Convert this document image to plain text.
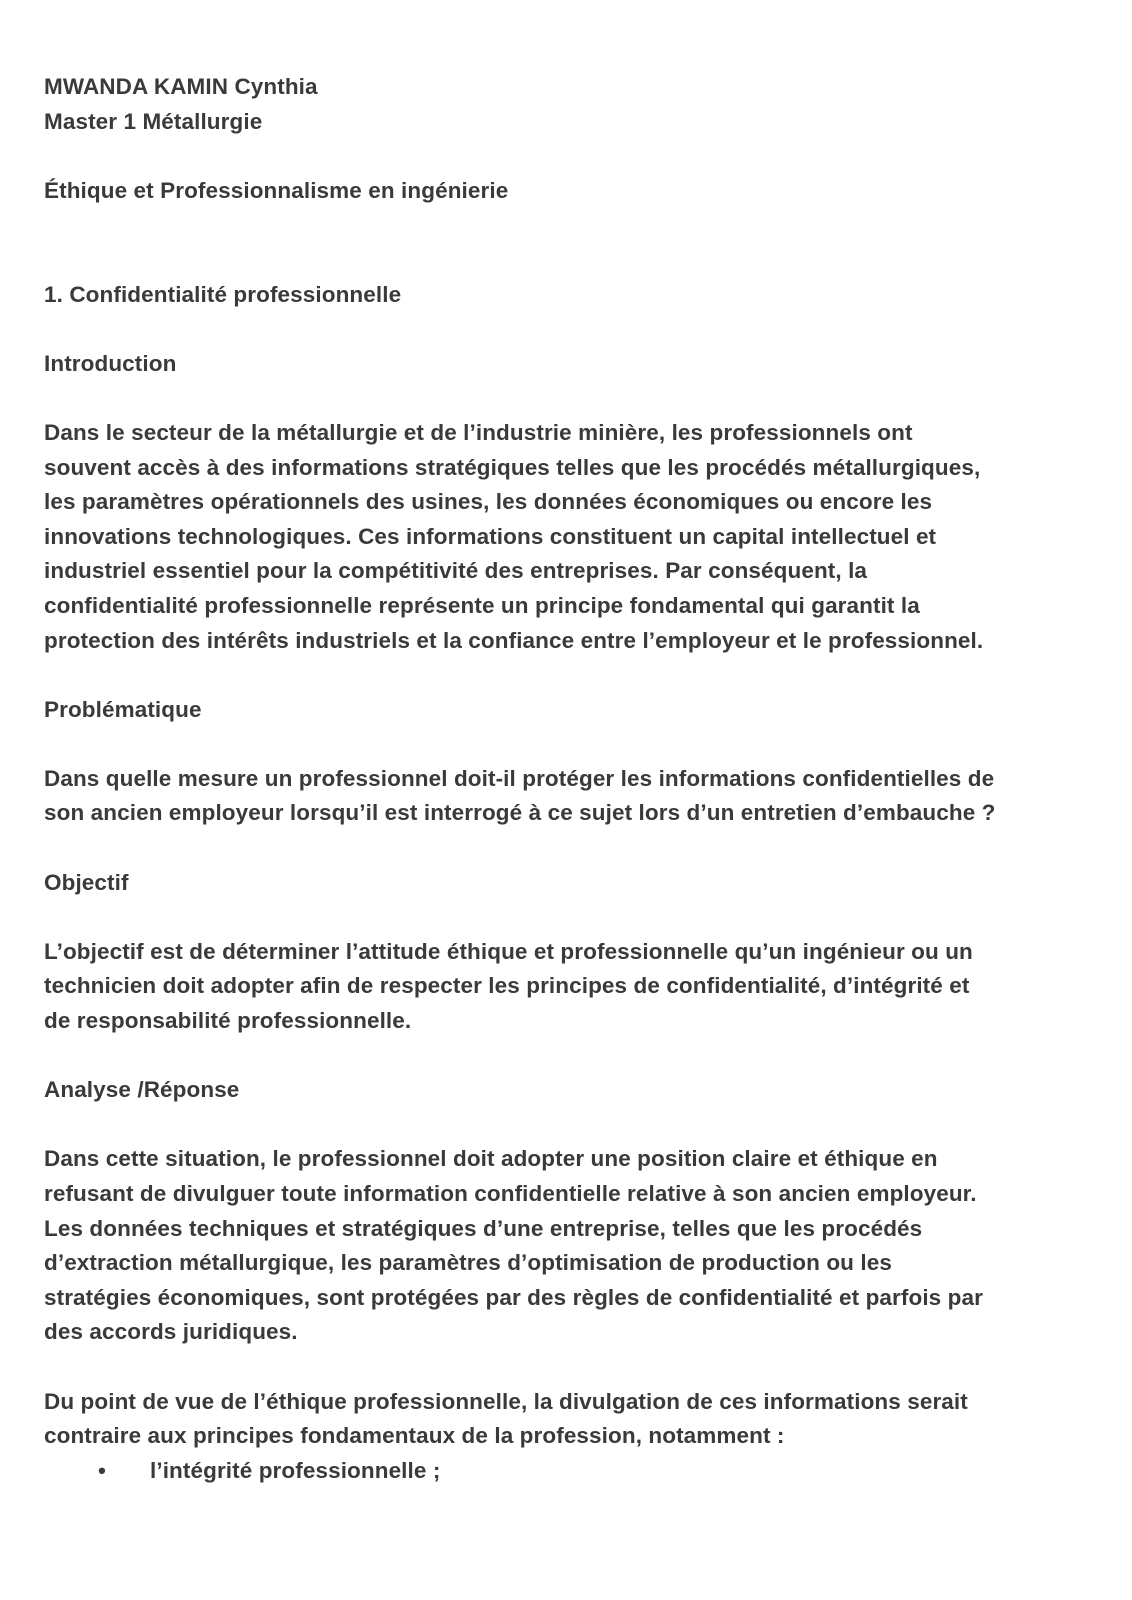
MWANDA KAMIN Cynthia
Master 1 Métallurgie
Éthique et Professionnalisme en ingénierie
1. Confidentialité professionnelle
Introduction
Dans le secteur de la métallurgie et de l’industrie minière, les professionnels ont
souvent accès à des informations stratégiques telles que les procédés métallurgiques,
les paramètres opérationnels des usines, les données économiques ou encore les
innovations technologiques. Ces informations constituent un capital intellectuel et
industriel essentiel pour la compétitivité des entreprises. Par conséquent, la
confidentialité professionnelle représente un principe fondamental qui garantit la
protection des intérêts industriels et la confiance entre l’employeur et le professionnel.
Problématique
Dans quelle mesure un professionnel doit-il protéger les informations confidentielles de
son ancien employeur lorsqu’il est interrogé à ce sujet lors d’un entretien d’embauche ?
Objectif
L’objectif est de déterminer l’attitude éthique et professionnelle qu’un ingénieur ou un
technicien doit adopter afin de respecter les principes de confidentialité, d’intégrité et
de responsabilité professionnelle.
Analyse /Réponse
Dans cette situation, le professionnel doit adopter une position claire et éthique en
refusant de divulguer toute information confidentielle relative à son ancien employeur.
Les données techniques et stratégiques d’une entreprise, telles que les procédés
d’extraction métallurgique, les paramètres d’optimisation de production ou les
stratégies économiques, sont protégées par des règles de confidentialité et parfois par
des accords juridiques.
Du point de vue de l’éthique professionnelle, la divulgation de ces informations serait
contraire aux principes fondamentaux de la profession, notamment :
• l’intégrité professionnelle ;
